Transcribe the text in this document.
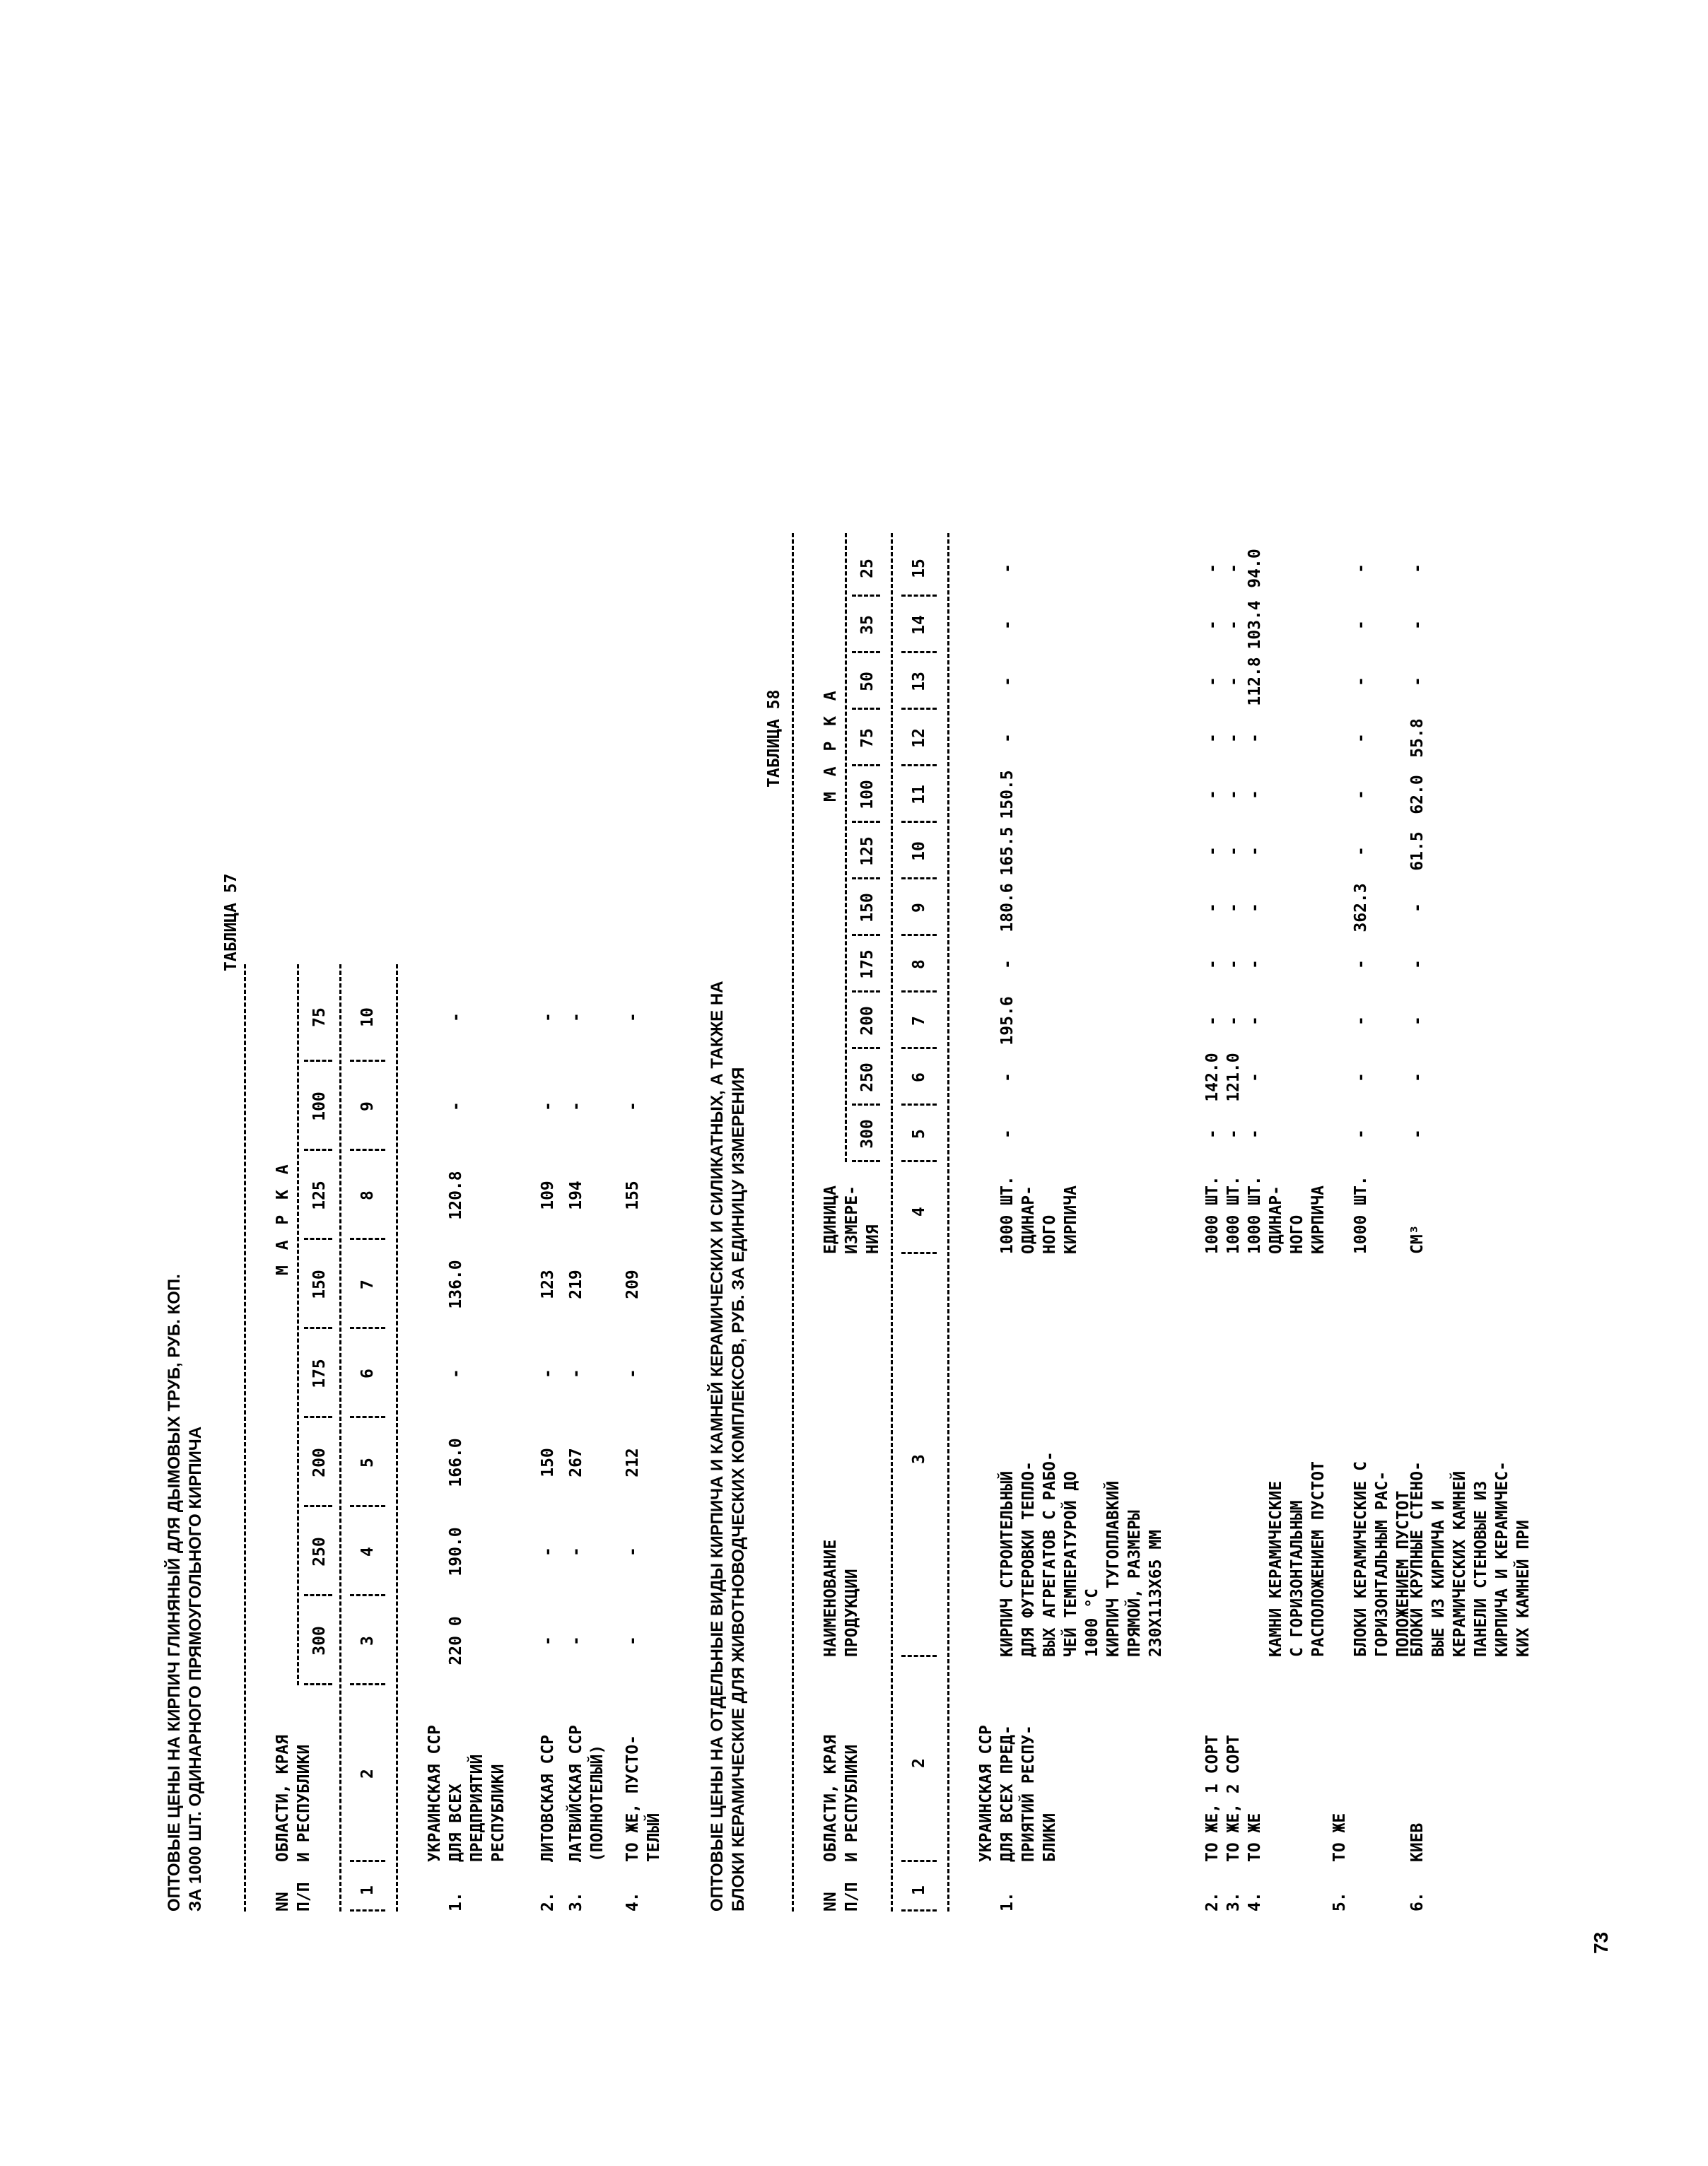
ОПТОВЫЕ ЦЕНЫ НА КИРПИЧ ГЛИНЯНЫЙ ДЛЯ ДЫМОВЫХ ТРУБ, РУБ. КОП. ЗА 1000 ШТ. ОДИНАРНОГО ПРЯМОУГОЛЬНОГО КИРПИЧА
ТАБЛИЦА 57
NN
П/П
ОБЛАСТИ, КРАЯ
И РЕСПУБЛИКИ
М А Р К А
300
250
200
175
150
125
100
75
1
2
3
4
5
6
7
8
9
10
1.
УКРАИНСКАЯ ССР
ДЛЯ ВСЕХ
ПРЕДПРИЯТИЙ
РЕСПУБЛИКИ
220 0
190.0
166.0
-
136.0
120.8
-
-
2.
ЛИТОВСКАЯ ССР
-
-
150
-
123
109
-
-
3.
ЛАТВИЙСКАЯ ССР
(ПОЛНОТЕЛЫЙ)
-
-
267
-
219
194
-
-
4.
ТО ЖЕ, ПУСТО-
ТЕЛЫЙ
-
-
212
-
209
155
-
-	ОПТОВЫЕ ЦЕНЫ НА ОТДЕЛЬНЫЕ ВИДЫ КИРПИЧА И КАМНЕЙ КЕРАМИЧЕСКИХ И СИЛИКАТНЫХ, А ТАКЖЕ НА БЛОКИ КЕРАМИЧЕСКИЕ ДЛЯ ЖИВОТНОВОДЧЕСКИХ КОМПЛЕКСОВ, РУБ. ЗА ЕДИНИЦУ ИЗМЕРЕНИЯ
ТАБЛИЦА 58
NN
П/П
ОБЛАСТИ, КРАЯ
И РЕСПУБЛИКИ
НАИМЕНОВАНИЕ
ПРОДУКЦИИ
ЕДИНИЦА
ИЗМЕРЕ-
НИЯ
М А Р К А
300
250
200
175
150
125
100
75
50
35
25
1
2
3
4
5
6
7
8
9
10
11
12
13
14
15
1.
УКРАИНСКАЯ ССР
ДЛЯ ВСЕХ ПРЕД-
ПРИЯТИЙ РЕСПУ-
БЛИКИ
КИРПИЧ СТРОИТЕЛЬНЫЙ
ДЛЯ ФУТЕРОВКИ ТЕПЛО-
ВЫХ АГРЕГАТОВ С РАБО-
ЧЕЙ ТЕМПЕРАТУРОЙ ДО
1000 °С
1000 ШТ.
ОДИНАР-
НОГО
КИРПИЧА
-
-
195.6
-
180.6
165.5
150.5
-
-
-
-
2.
ТО ЖЕ, 1 СОРТ
КИРПИЧ ТУГОПЛАВКИЙ
ПРЯМОЙ, РАЗМЕРЫ
230Х113Х65 ММ
1000 ШТ.
-
142.0
-
-
-
-
-
-
-
-
-
3.
ТО ЖЕ, 2 СОРТ
1000 ШТ.
-
121.0
-
-
-
-
-
-
-
-
-
4.
ТО ЖЕ
КАМНИ КЕРАМИЧЕСКИЕ
С ГОРИЗОНТАЛЬНЫМ
РАСПОЛОЖЕНИЕМ ПУСТОТ
1000 ШТ.
ОДИНАР-
НОГО
КИРПИЧА
-
-
-
-
-
-
-
-
112.8
103.4
94.0
5.
ТО ЖЕ
БЛОКИ КЕРАМИЧЕСКИЕ С
ГОРИЗОНТАЛЬНЫМ РАС-
ПОЛОЖЕНИЕМ ПУСТОТ
1000 ШТ.
-
-
-
-
362.3
-
-
-
-
-
-
6.
КИЕВ
БЛОКИ КРУПНЫЕ СТЕНО-
ВЫЕ ИЗ КИРПИЧА И
КЕРАМИЧЕСКИХ КАМНЕЙ
ПАНЕЛИ СТЕНОВЫЕ ИЗ
КИРПИЧА И КЕРАМИЧЕС-
КИХ КАМНЕЙ ПРИ
СМ³
-
-
-
-
-
61.5
62.0
55.8
-
-
-
73
